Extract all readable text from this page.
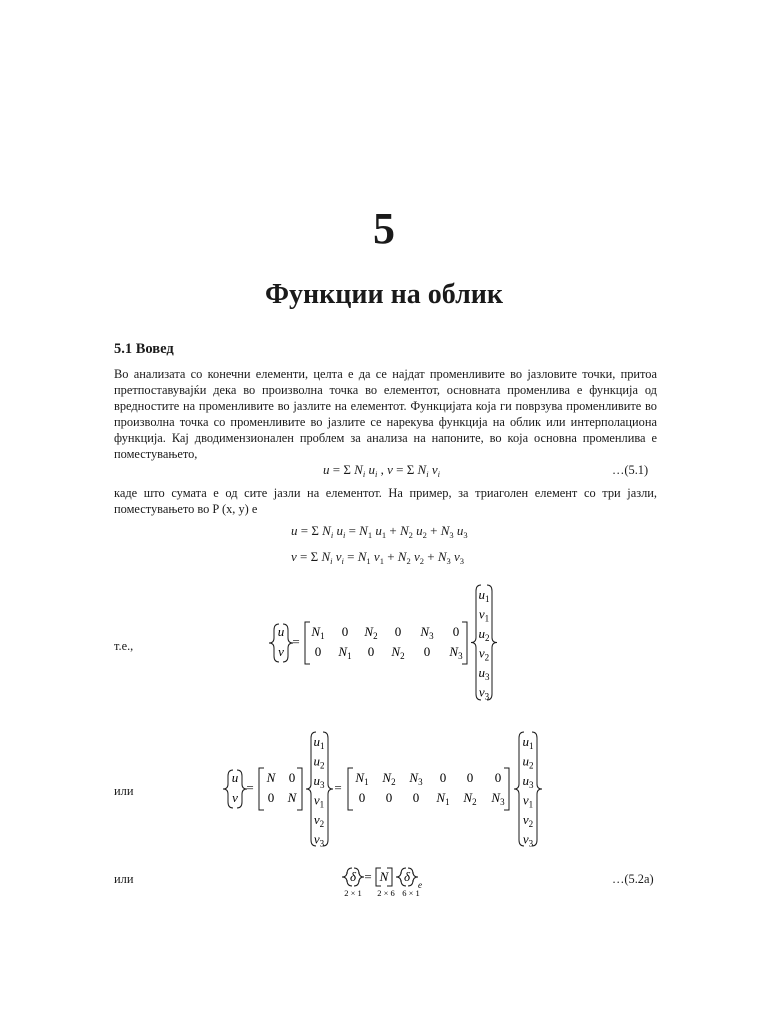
5
Функции на облик
5.1 Вовед
Во анализата со конечни елементи, целта е да се најдат променливите во јазловите точки, притоа претпоставувајќи дека во произволна точка во елементот, основната променлива е функција од вредностите на променливите во јазлите на елементот. Функцијата која ги поврзува променливите во произволна точка со променливите во јазлите се нарекува функција на облик или интерполациона функција. Кај дводимензионален проблем за анализа на напоните, во која основна променлива е поместувањето,
u = Σ $N_i$ $u_i$ , v = Σ $N_i$ $v_i$	…(5.1)
каде што сумата е од сите јазли на елементот. На пример, за триаголен елемент со три јазли, поместувањето во P (x, y) е
u = Σ $N_i$ $u_i = N_1$ $u_1 + N_2$ $u_2 + N_3$ $u_3$
v = Σ $N_i$ $v_i = N_1$ $v_1 + N_2$ $v_2 + N_3$ $v_3$
т.е.,
или
или	…(5.2a)
u
v
=
$N_1$ 0 $N_2$ 0 $N_3$ 0
0 $N_1$ 0 $N_2$ 0 $N_3$
$u_1$
$v_1$
$u_2$
$v_2$
$u_3$
$v_3$
u
v
=
N 0
0 N
$u_1$
$u_2$
$u_3$
$v_1$
$v_2$
$v_3$
=
$N_1$ $N_2$ $N_3$ 0 0 0
0 0 0 $N_1$ $N_2$ $N_3$
$u_1$
$u_2$
$u_3$
$v_1$
$v_2$
$v_3$
δ = N δ
e
2 × 1 2 × 6 6 × 1
